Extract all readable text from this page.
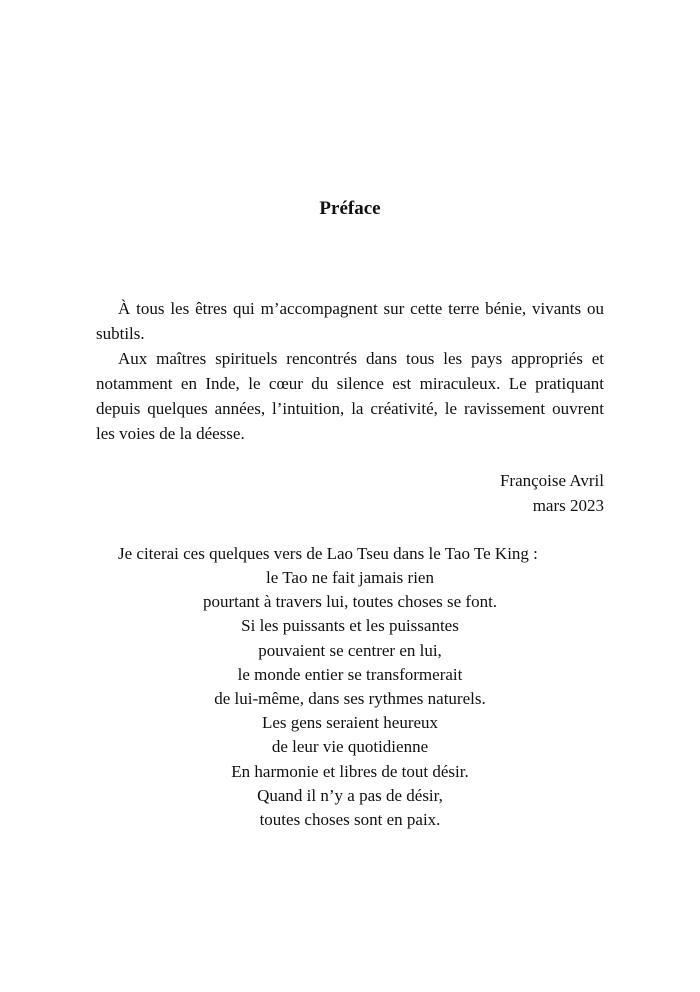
Préface

À tous les êtres qui m’accompagnent sur cette terre bénie, vivants ou subtils.

Aux maîtres spirituels rencontrés dans tous les pays appropriés et notamment en Inde, le cœur du silence est miraculeux. Le pratiquant depuis quelques années, l’intuition, la créativité, le ravissement ouvrent les voies de la déesse.

Françoise Avril
mars 2023
Je citerai ces quelques vers de Lao Tseu dans le Tao Te King :
le Tao ne fait jamais rien
pourtant à travers lui, toutes choses se font.
Si les puissants et les puissantes
pouvaient se centrer en lui,
le monde entier se transformerait
de lui-même, dans ses rythmes naturels.
Les gens seraient heureux
de leur vie quotidienne
En harmonie et libres de tout désir.
Quand il n’y a pas de désir,
toutes choses sont en paix.
